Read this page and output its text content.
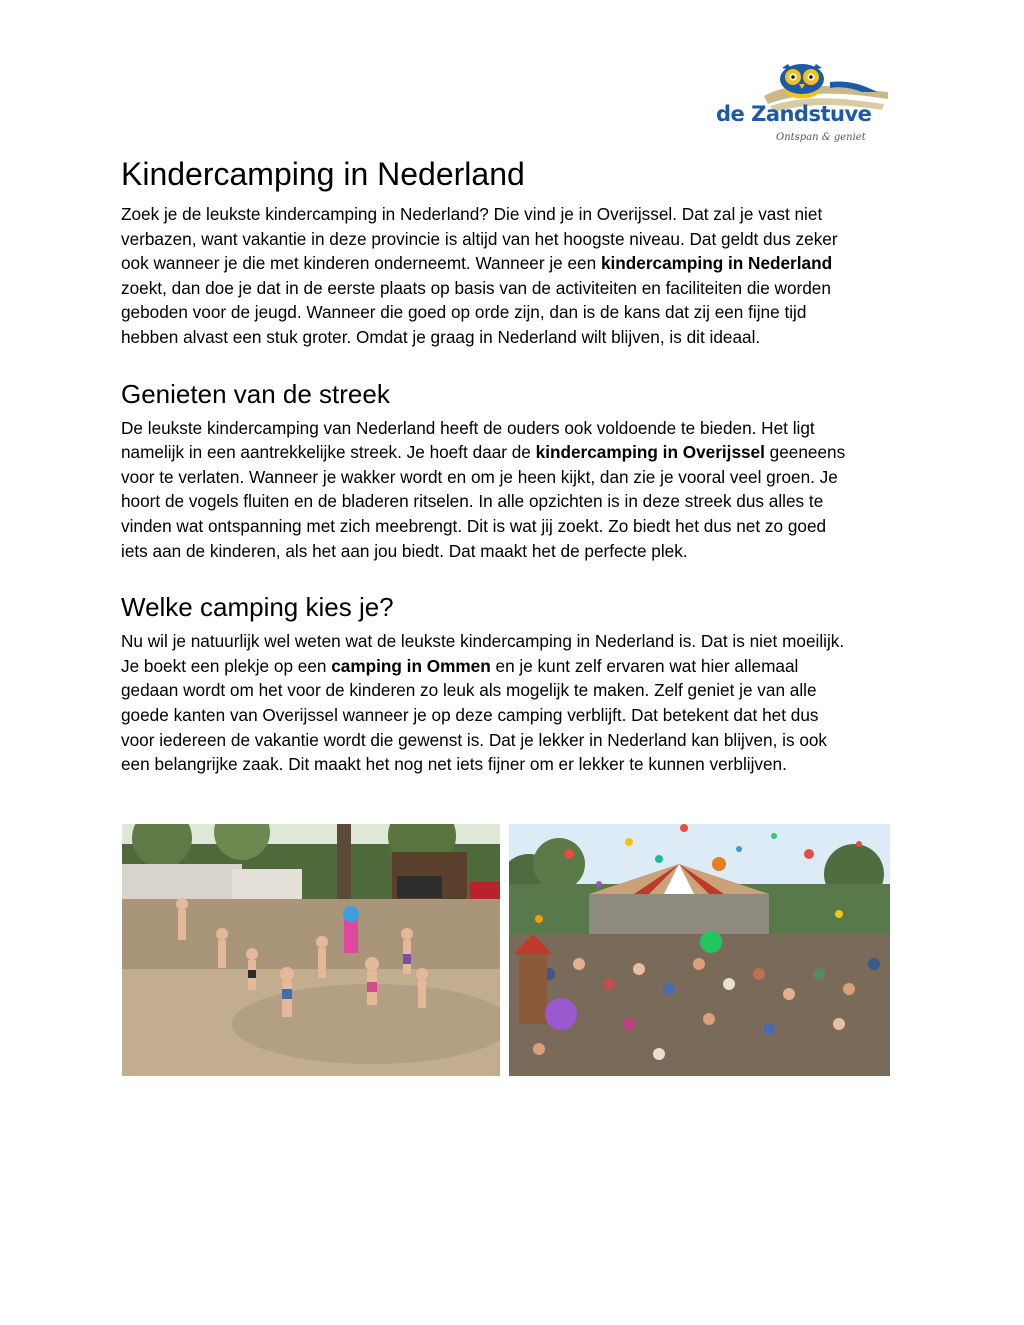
de Zandstuve
Ontspan & geniet
Kindercamping in Nederland

Zoek je de leukste kindercamping in Nederland? Die vind je in Overijssel. Dat zal je vast niet
verbazen, want vakantie in deze provincie is altijd van het hoogste niveau. Dat geldt dus zeker
ook wanneer je die met kinderen onderneemt. Wanneer je een kindercamping in Nederland
zoekt, dan doe je dat in de eerste plaats op basis van de activiteiten en faciliteiten die worden
geboden voor de jeugd. Wanneer die goed op orde zijn, dan is de kans dat zij een fijne tijd
hebben alvast een stuk groter. Omdat je graag in Nederland wilt blijven, is dit ideaal.

Genieten van de streek

De leukste kindercamping van Nederland heeft de ouders ook voldoende te bieden. Het ligt
namelijk in een aantrekkelijke streek. Je hoeft daar de kindercamping in Overijssel geeneens
voor te verlaten. Wanneer je wakker wordt en om je heen kijkt, dan zie je vooral veel groen. Je
hoort de vogels fluiten en de bladeren ritselen. In alle opzichten is in deze streek dus alles te
vinden wat ontspanning met zich meebrengt. Dit is wat jij zoekt. Zo biedt het dus net zo goed
iets aan de kinderen, als het aan jou biedt. Dat maakt het de perfecte plek.

Welke camping kies je?

Nu wil je natuurlijk wel weten wat de leukste kindercamping in Nederland is. Dat is niet moeilijk.
Je boekt een plekje op een camping in Ommen en je kunt zelf ervaren wat hier allemaal
gedaan wordt om het voor de kinderen zo leuk als mogelijk te maken. Zelf geniet je van alle
goede kanten van Overijssel wanneer je op deze camping verblijft. Dat betekent dat het dus
voor iedereen de vakantie wordt die gewenst is. Dat je lekker in Nederland kan blijven, is ook
een belangrijke zaak. Dit maakt het nog net iets fijner om er lekker te kunnen verblijven.
